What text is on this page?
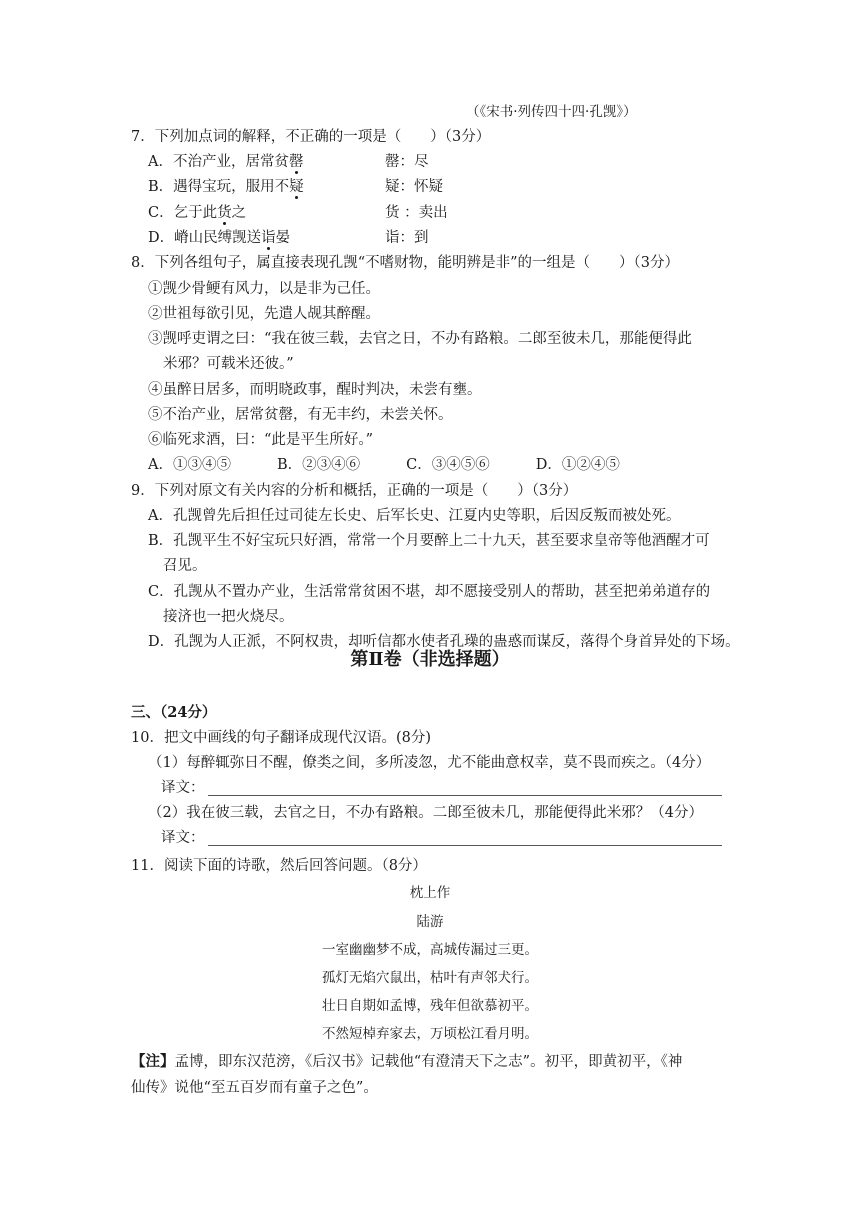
（《宋书·列传四十四·孔觊》）
7．下列加点词的解释，不正确的一项是（　　）（3分）
A．不治产业，居常贫罄	罄：尽
B．遇得宝玩，服用不疑	疑：怀疑
C．乞于此货之	货 ：卖出
D．嵴山民缚觊送诣晏	诣：到
8．下列各组句子，属直接表现孔觊“不嗜财物，能明辨是非”的一组是（　　）（3分）
①觊少骨鲠有风力，以是非为己任。
②世祖每欲引见，先遣人觇其醉醒。
③觊呼吏谓之曰：“我在彼三载，去官之日，不办有路粮。二郎至彼未几，那能便得此
米邪？可载米还彼。”
④虽醉日居多，而明晓政事，醒时判决，未尝有壅。
⑤不治产业，居常贫罄，有无丰约，未尝关怀。
⑥临死求酒，曰：“此是平生所好。”
A．①③④⑤	B．②③④⑥	C．③④⑤⑥	D．①②④⑤
9．下列对原文有关内容的分析和概括，正确的一项是（　　）（3分）
A．孔觊曾先后担任过司徒左长史、后军长史、江夏内史等职，后因反叛而被处死。
B．孔觊平生不好宝玩只好酒，常常一个月要醉上二十九天，甚至要求皇帝等他酒醒才可
召见。
C．孔觊从不置办产业，生活常常贫困不堪，却不愿接受别人的帮助，甚至把弟弟道存的
接济也一把火烧尽。
D．孔觊为人正派，不阿权贵，却听信都水使者孔璪的蛊惑而谋反，落得个身首异处的下场。
第Ⅱ卷（非选择题）
三、（24分）
10．把文中画线的句子翻译成现代汉语。(8分)
（1）每醉辄弥日不醒，僚类之间，多所凌忽，尤不能曲意权幸，莫不畏而疾之。（4分）
译文：
（2）我在彼三载，去官之日，不办有路粮。二郎至彼未几，那能便得此米邪？（4分）
译文：
11．阅读下面的诗歌，然后回答问题。（8分）
枕上作
陆游
一室幽幽梦不成，高城传漏过三更。
孤灯无焰穴鼠出，枯叶有声邻犬行。
壮日自期如孟博，残年但欲慕初平。
不然短棹弃家去，万顷松江看月明。
【注】孟博，即东汉范滂，《后汉书》记载他“有澄清天下之志”。初平，即黄初平，《神
仙传》说他“至五百岁而有童子之色”。
